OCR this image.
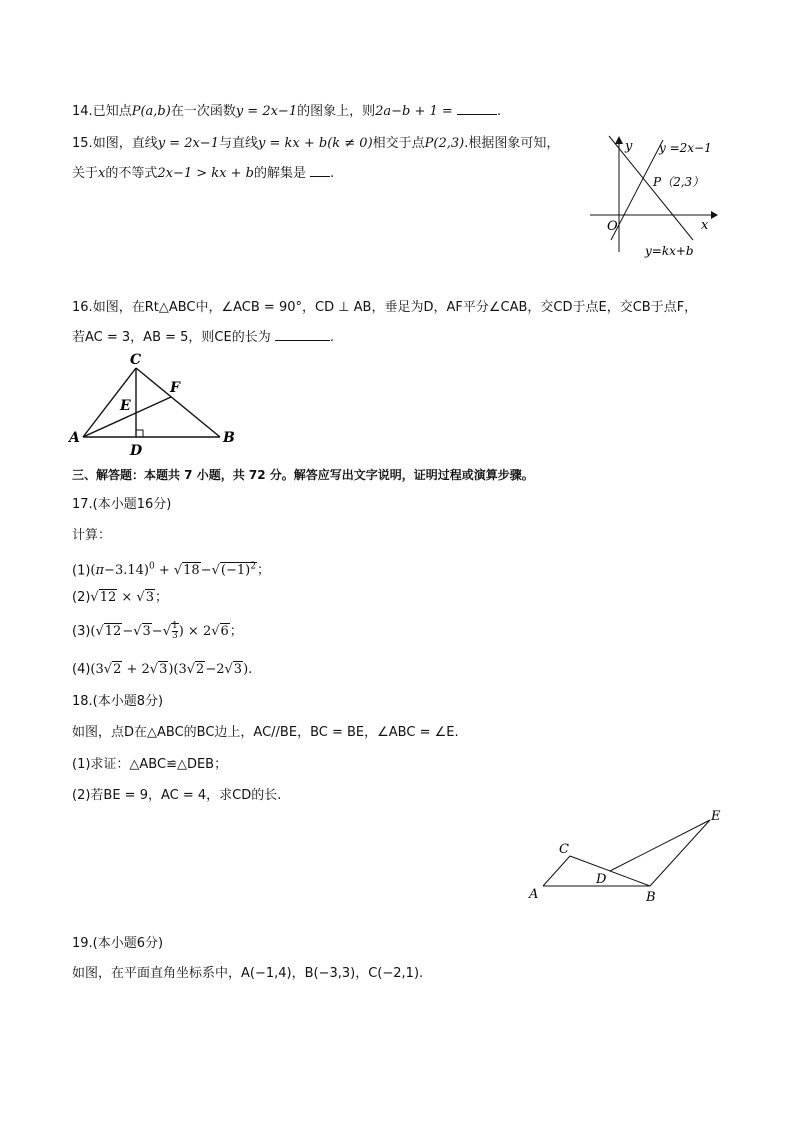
14.已知点P(a,b)在一次函数y = 2x−1的图象上，则2a−b + 1 =	.
15.如图，直线y = 2x−1与直线y = kx + b(k ≠ 0)相交于点P(2,3).根据图象可知，
关于x的不等式2x−1 > kx + b的解集是 .
y
x
O
y =2x−1
P（2,3）
y=kx+b
16.如图，在Rt△ABC中，∠ACB = 90°，CD ⊥ AB，垂足为D，AF平分∠CAB，交CD于点E，交CB于点F，
若AC = 3，AB = 5，则CE的长为	.
A	B
C
D
E
F
三、解答题：本题共 7 小题，共 72 分。解答应写出文字说明，证明过程或演算步骤。
17.(本小题16分)
计算：
$(1)(\pi-3.14)^0 + √18-√(-1)^2$；
(2)√12 × √3；
$(3)(√12-√3-√ \frac{1}{3}$ ) × 2√6；
(4)(3√2 + 2√3)(3√2−2√3).
18.(本小题8分)
如图，点D在△ABC的BC边上，AC//BE，BC = BE，∠ABC = ∠E.
(1)求证：△ABC≌△DEB；
(2)若BE = 9，AC = 4，求CD的长.
A	B
C
D
E
19.(本小题6分)
如图，在平面直角坐标系中，A(−1,4)，B(−3,3)，C(−2,1).
